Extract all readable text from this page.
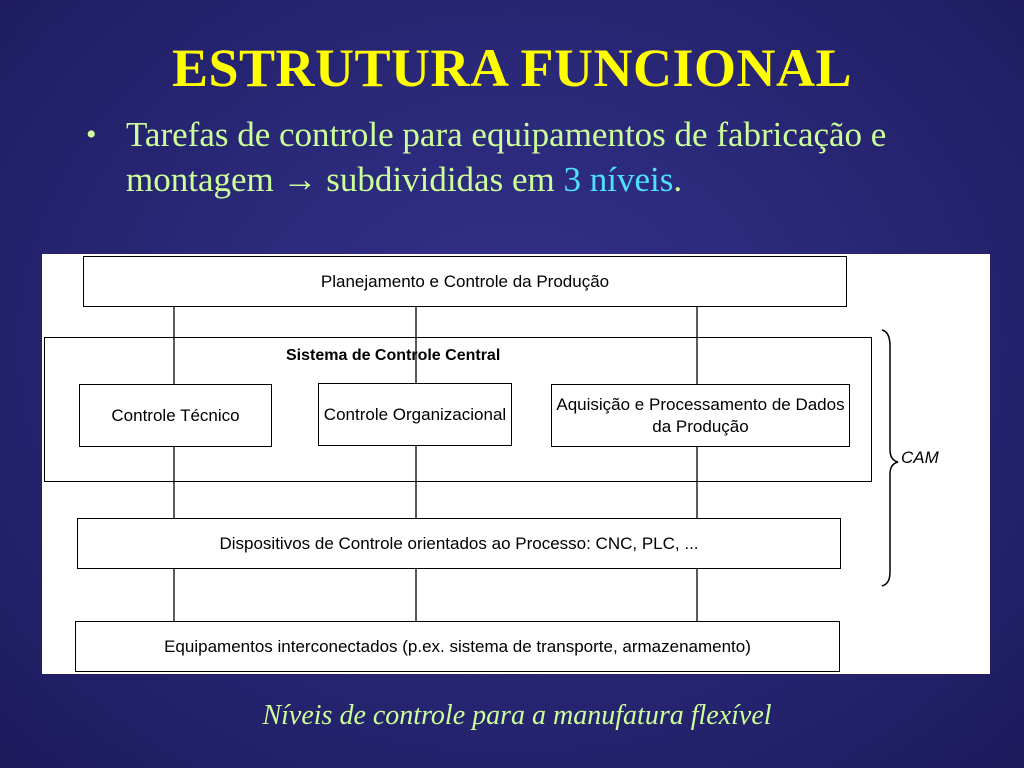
ESTRUTURA FUNCIONAL
• Tarefas de controle para equipamentos de fabricação e montagem → subdivididas em 3 níveis.
Planejamento e Controle da Produção
Sistema de Controle Central
Controle Técnico	Controle Organizacional
Aquisição e Processamento de Dados da Produção
Dispositivos de Controle orientados ao Processo: CNC, PLC, ...
Equipamentos interconectados (p.ex. sistema de transporte, armazenamento)
CAM
Níveis de controle para a manufatura flexível
